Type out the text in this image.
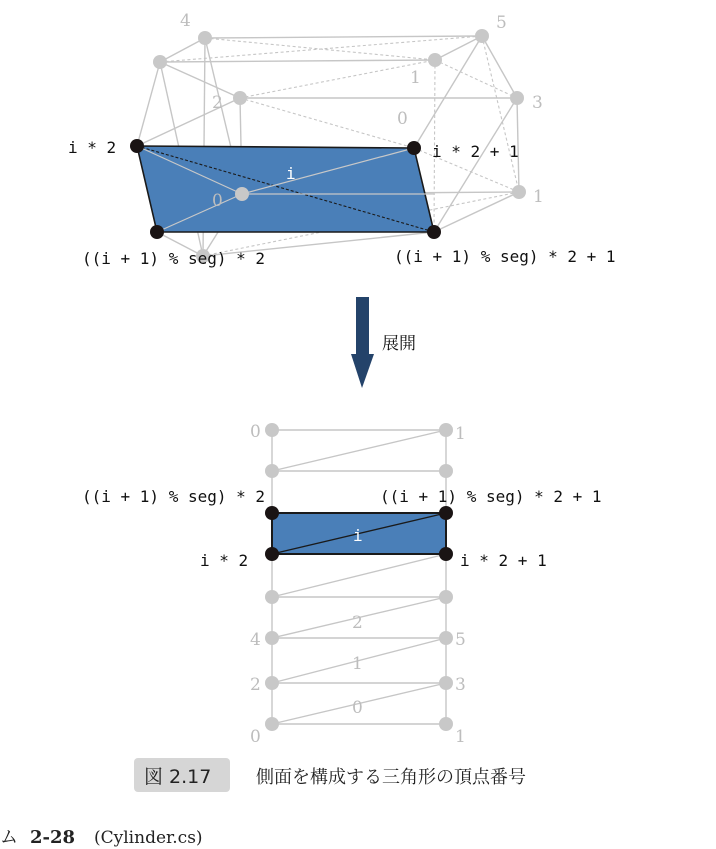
i
4	5
1
2	3
0
0	1
i * 2	i * 2 + 1
((i + 1) % seg) * 2	((i + 1) % seg) * 2 + 1
展開
i
0	1
4	5
2	3
0	1
2
1
0
((i + 1) % seg) * 2	((i + 1) % seg) * 2 + 1
i * 2	i * 2 + 1
図 2.17 側面を構成する三角形の頂点番号
ム 2-28 (Cylinder.cs)
